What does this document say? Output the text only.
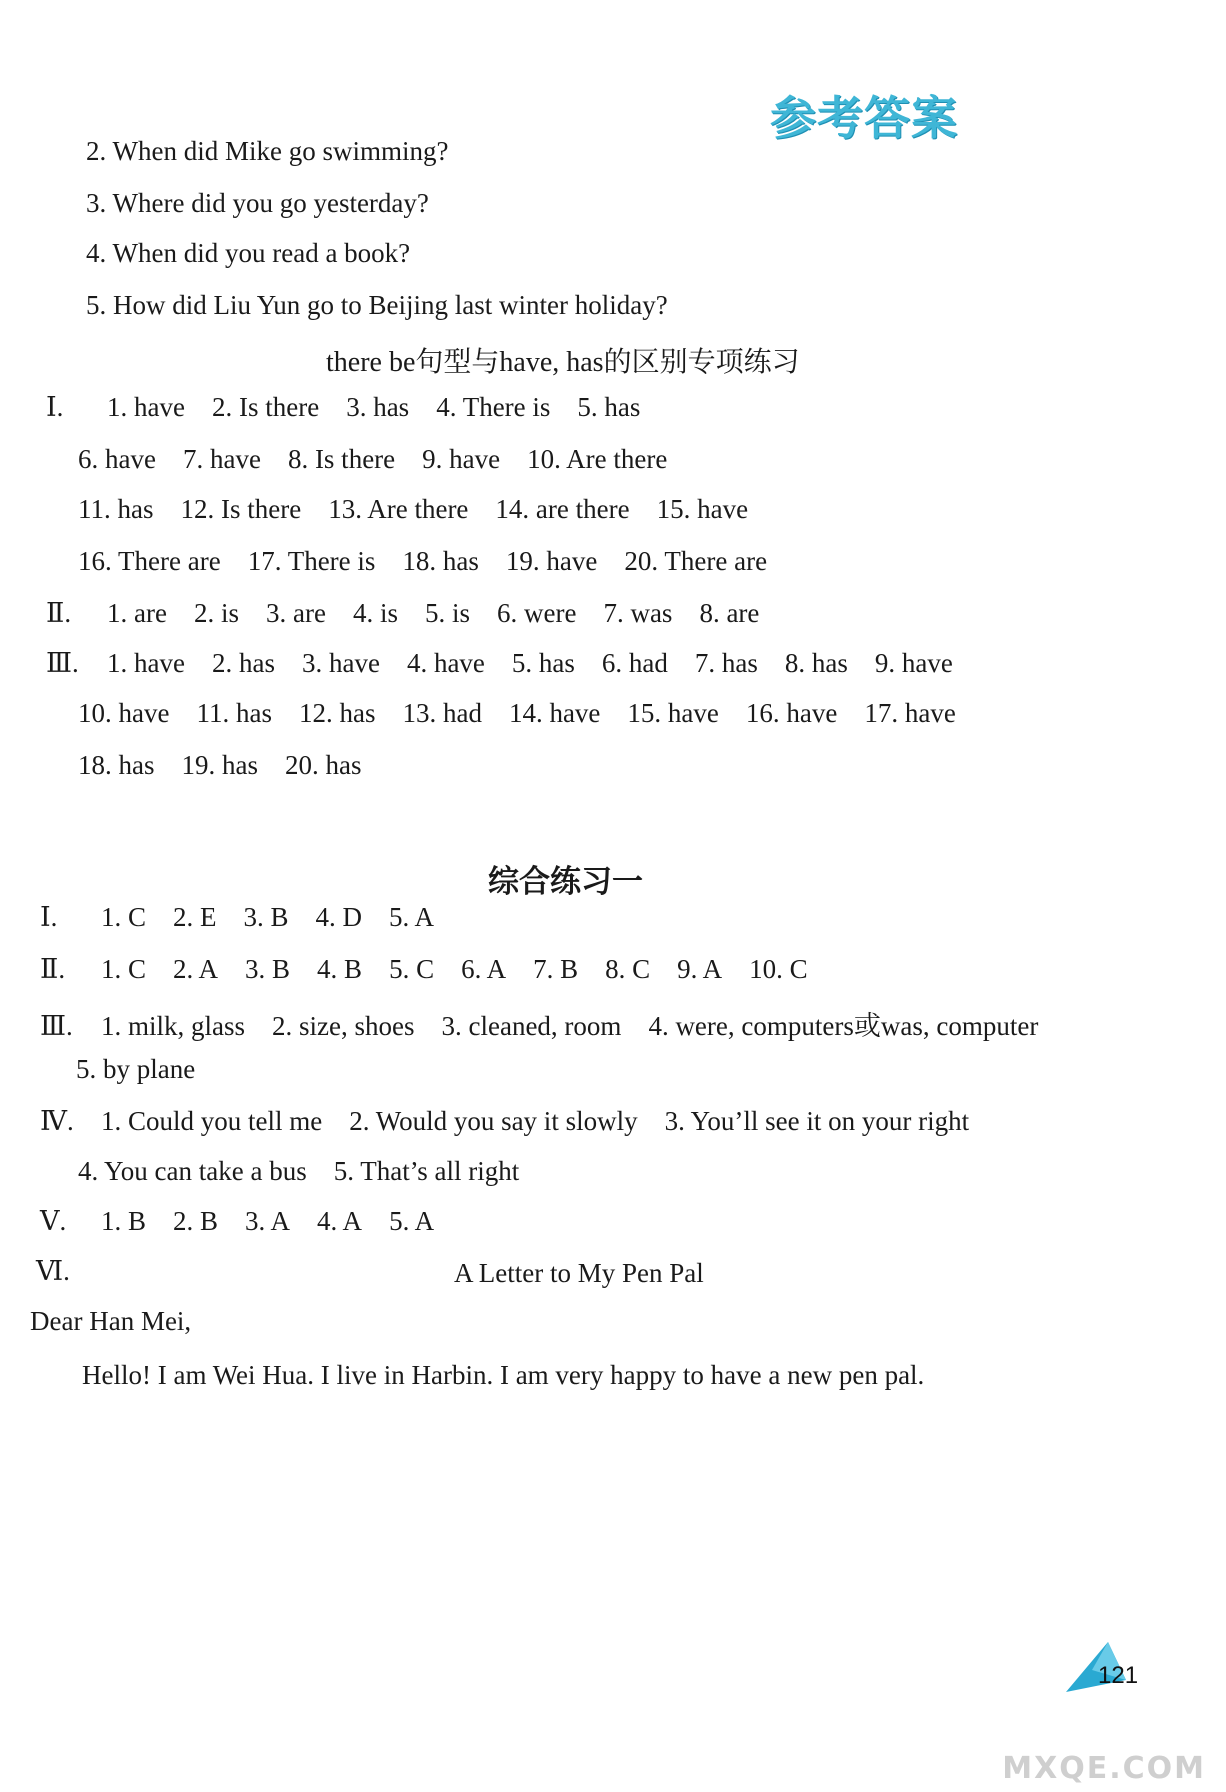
参考答案
2. When did Mike go swimming?
3. Where did you go yesterday?
4. When did you read a book?
5. How did Liu Yun go to Beijing last winter holiday?
there be句型与have, has的区别专项练习
Ⅰ. 1. have 2. Is there 3. has 4. There is 5. has
6. have 7. have 8. Is there 9. have 10. Are there
11. has 12. Is there 13. Are there 14. are there 15. have
16. There are 17. There is 18. has 19. have 20. There are
Ⅱ. 1. are 2. is 3. are 4. is 5. is 6. were 7. was 8. are
Ⅲ. 1. have 2. has 3. have 4. have 5. has 6. had 7. has 8. has 9. have
10. have 11. has 12. has 13. had 14. have 15. have 16. have 17. have
18. has 19. has 20. has
综合练习一
Ⅰ. 1. C 2. E 3. B 4. D 5. A
Ⅱ. 1. C 2. A 3. B 4. B 5. C 6. A 7. B 8. C 9. A 10. C
Ⅲ. 1. milk, glass 2. size, shoes 3. cleaned, room 4. were, computers或was, computer
5. by plane
Ⅳ. 1. Could you tell me 2. Would you say it slowly 3. You’ll see it on your right
4. You can take a bus 5. That’s all right
Ⅴ. 1. B 2. B 3. A 4. A 5. A
Ⅵ.	A Letter to My Pen Pal
Dear Han Mei,
Hello! I am Wei Hua. I live in Harbin. I am very happy to have a new pen pal.
121
MXQE.COM
